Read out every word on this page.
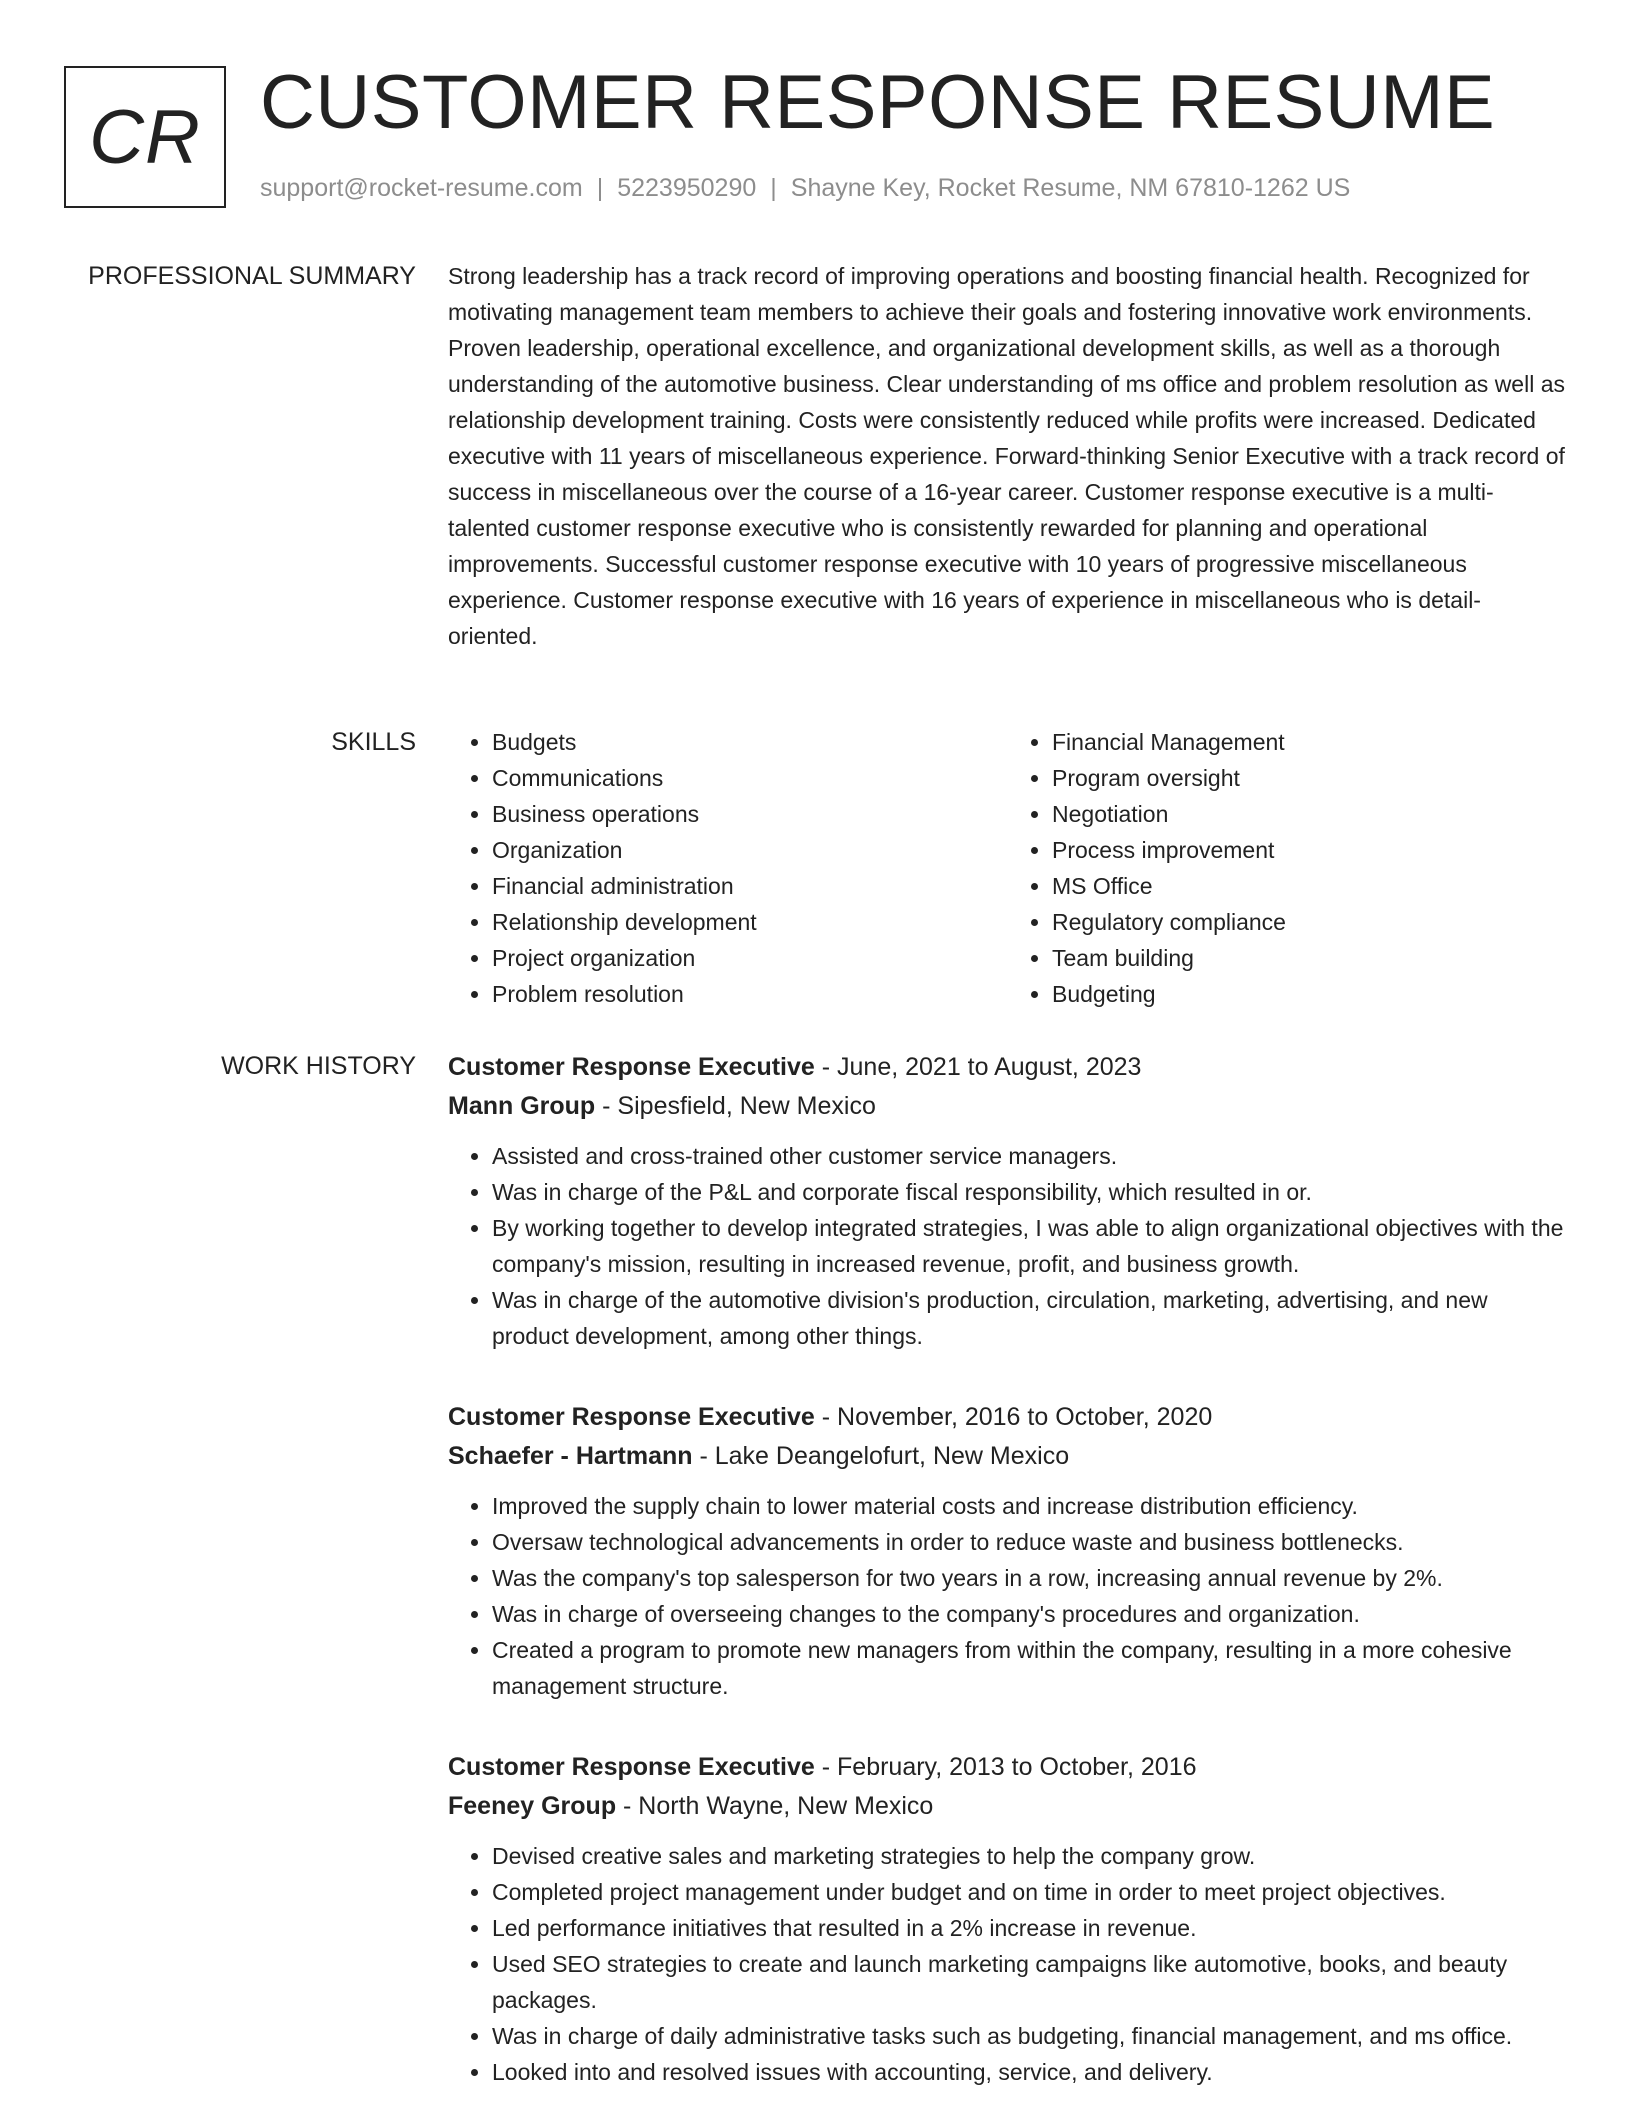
CR CUSTOMER RESPONSE RESUME
support@rocket-resume.com | 5223950290 | Shayne Key, Rocket Resume, NM 67810-1262 US
PROFESSIONAL SUMMARY Strong leadership has a track record of improving operations and boosting financial health. Recognized for motivating management team members to achieve their goals and fostering innovative work environments. Proven leadership, operational excellence, and organizational development skills, as well as a thorough understanding of the automotive business. Clear understanding of ms office and problem resolution as well as relationship development training. Costs were consistently reduced while profits were increased. Dedicated executive with 11 years of miscellaneous experience. Forward-thinking Senior Executive with a track record of success in miscellaneous over the course of a 16-year career. Customer response executive is a multi-talented customer response executive who is consistently rewarded for planning and operational improvements. Successful customer response executive with 10 years of progressive miscellaneous experience. Customer response executive with 16 years of experience in miscellaneous who is detail-oriented.

SKILLS
•	Budgets
• Communications
• Business operations
• Organization
• Financial administration
• Relationship development
• Project organization
• Problem resolution
• Financial Management
• Program oversight
• Negotiation
• Process improvement
• MS Office
• Regulatory compliance
• Team building
• Budgeting
WORK HISTORY Customer Response Executive - June, 2021 to August, 2023

Mann Group - Sipesfield, New Mexico

• Assisted and cross-trained other customer service managers.
• Was in charge of the P&L and corporate fiscal responsibility, which resulted in or.
• By working together to develop integrated strategies, I was able to align organizational objectives with the company's mission, resulting in increased revenue, profit, and business growth.
• Was in charge of the automotive division's production, circulation, marketing, advertising, and new product development, among other things.

Customer Response Executive - November, 2016 to October, 2020

Schaefer - Hartmann - Lake Deangelofurt, New Mexico

• Improved the supply chain to lower material costs and increase distribution efficiency.
• Oversaw technological advancements in order to reduce waste and business bottlenecks.
• Was the company's top salesperson for two years in a row, increasing annual revenue by 2%.
• Was in charge of overseeing changes to the company's procedures and organization.
• Created a program to promote new managers from within the company, resulting in a more cohesive management structure.

Customer Response Executive - February, 2013 to October, 2016

Feeney Group - North Wayne, New Mexico

• Devised creative sales and marketing strategies to help the company grow.
• Completed project management under budget and on time in order to meet project objectives.
• Led performance initiatives that resulted in a 2% increase in revenue.
• Used SEO strategies to create and launch marketing campaigns like automotive, books, and beauty packages.
• Was in charge of daily administrative tasks such as budgeting, financial management, and ms office.
• Looked into and resolved issues with accounting, service, and delivery.
